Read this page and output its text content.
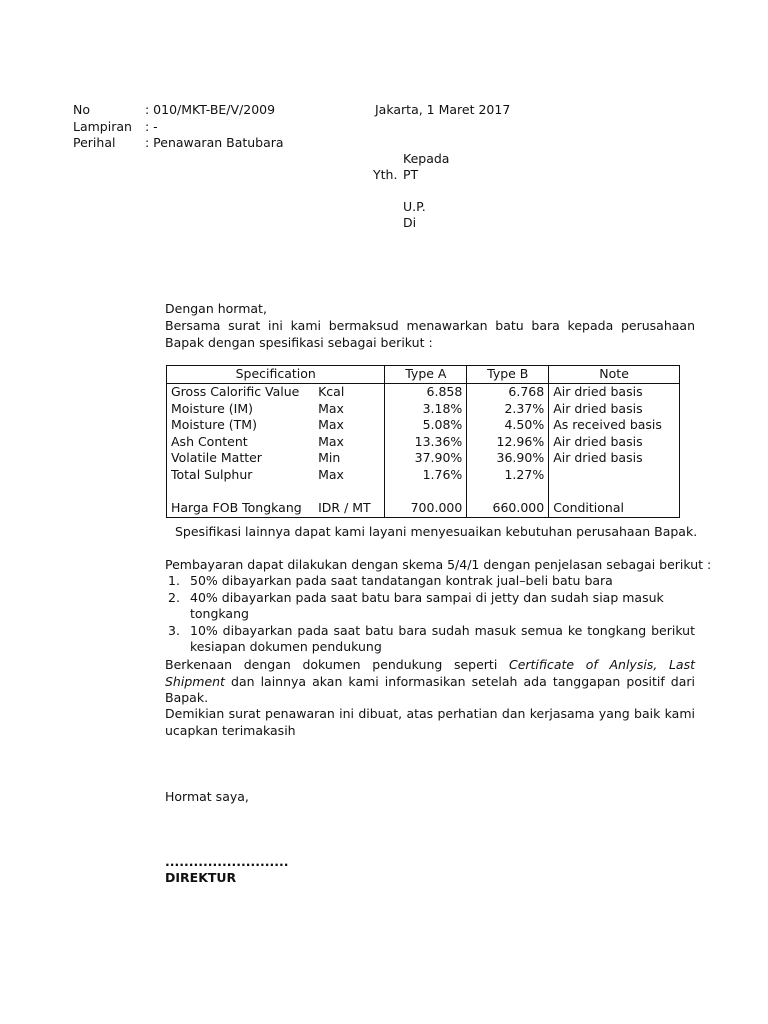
No	: 010/MKT-BE/V/2009	Jakarta, 1 Maret 2017
Lampiran : -
Perihal : Penawaran Batubara
Kepada
Yth. PT
U.P.
Di
Dengan hormat,
Bersama surat ini kami bermaksud menawarkan batu bara kepada perusahaan Bapak dengan spesifikasi sebagai berikut :
Specification		Type A	Type B	Note
Gross Calorific Value	Kcal	6.858	6.768	Air dried basis
Moisture (IM)	Max	3.18%	2.37%	Air dried basis
Moisture (TM)	Max	5.08%	4.50%	As received basis
Ash Content	Max	13.36%	12.96%	Air dried basis
Volatile Matter	Min	37.90%	36.90%	Air dried basis
Total Sulphur	Max	1.76%	1.27%	

Harga FOB Tongkang	IDR / MT	700.000	660.000	Conditional
Spesifikasi lainnya dapat kami layani menyesuaikan kebutuhan perusahaan Bapak.
Pembayaran dapat dilakukan dengan skema 5/4/1 dengan penjelasan sebagai berikut :
1. 50% dibayarkan pada saat tandatangan kontrak jual–beli batu bara
2. 40% dibayarkan pada saat batu bara sampai di jetty dan sudah siap masuk tongkang
3. 10% dibayarkan pada saat batu bara sudah masuk semua ke tongkang berikut kesiapan dokumen pendukung
Berkenaan dengan dokumen pendukung seperti Certificate of Anlysis, Last Shipment dan lainnya akan kami informasikan setelah ada tanggapan positif dari Bapak.
Demikian surat penawaran ini dibuat, atas perhatian dan kerjasama yang baik kami ucapkan terimakasih
Hormat saya,
..........................
DIREKTUR
